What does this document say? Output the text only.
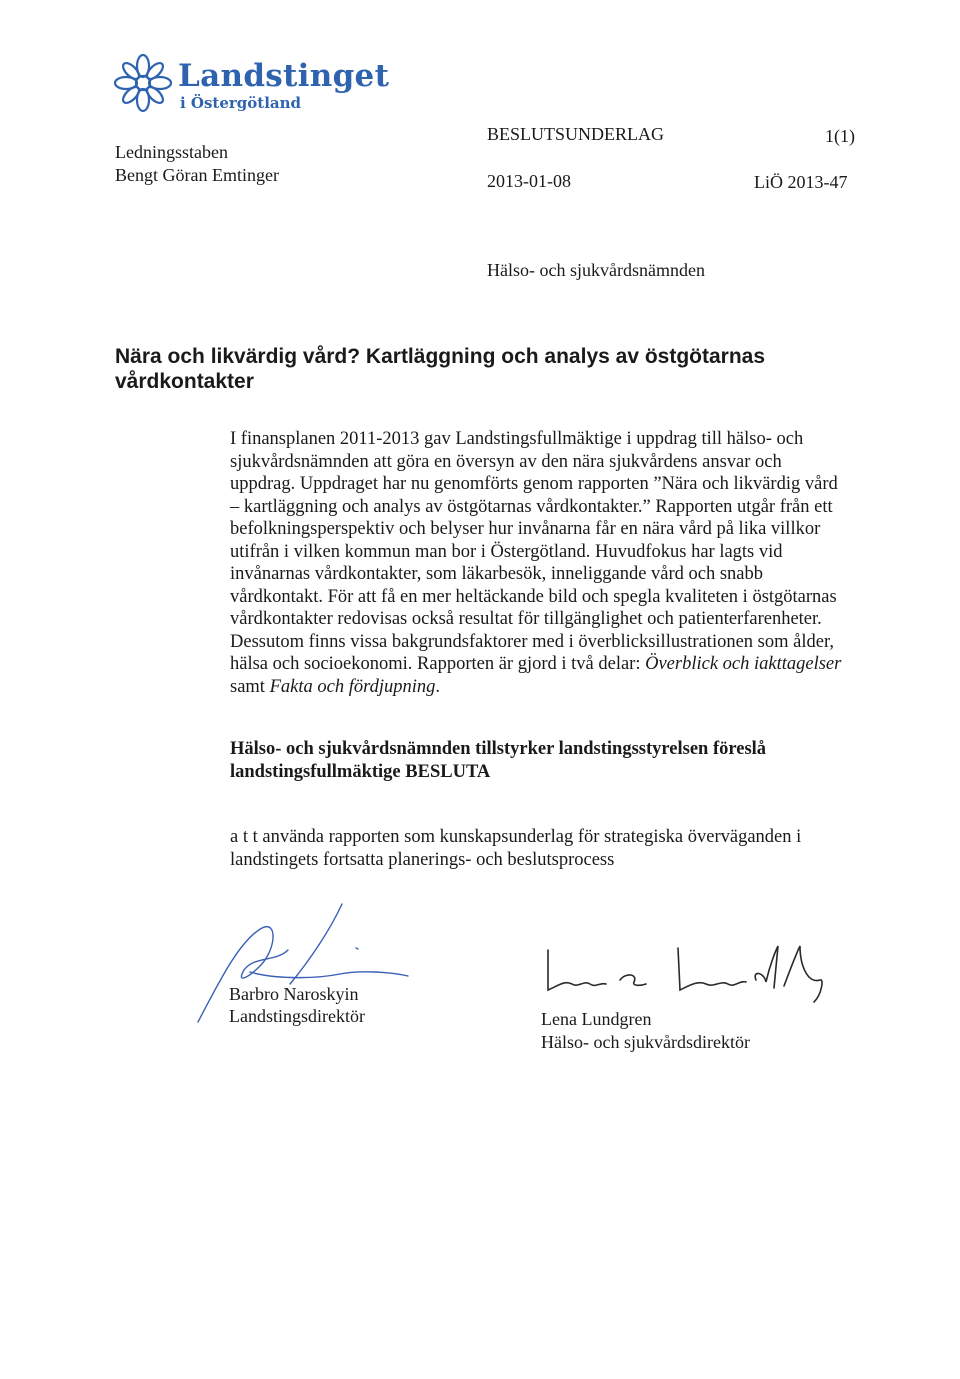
Landstinget
i Östergötland
Ledningsstaben
Bengt Göran Emtinger
BESLUTSUNDERLAG	1(1)
2013-01-08	LiÖ 2013-47
Hälso- och sjukvårdsnämnden
Nära och likvärdig vård? Kartläggning och analys av östgötarnas vårdkontakter
I finansplanen 2011-2013 gav Landstingsfullmäktige i uppdrag till hälso- och sjukvårdsnämnden att göra en översyn av den nära sjukvårdens ansvar och uppdrag. Uppdraget har nu genomförts genom rapporten ”Nära och likvärdig vård – kartläggning och analys av östgötarnas vårdkontakter.” Rapporten utgår från ett befolkningsperspektiv och belyser hur invånarna får en nära vård på lika villkor utifrån i vilken kommun man bor i Östergötland. Huvudfokus har lagts vid invånarnas vårdkontakter, som läkarbesök, inneliggande vård och snabb vårdkontakt. För att få en mer heltäckande bild och spegla kvaliteten i östgötarnas vårdkontakter redovisas också resultat för tillgänglighet och patienterfarenheter. Dessutom finns vissa bakgrundsfaktorer med i överblicksillustrationen som ålder, hälsa och socioekonomi. Rapporten är gjord i två delar: Överblick och iakttagelser samt Fakta och fördjupning.
Hälso- och sjukvårdsnämnden tillstyrker landstingsstyrelsen föreslå landstingsfullmäktige BESLUTA
a t t använda rapporten som kunskapsunderlag för strategiska överväganden i landstingets fortsatta planerings- och beslutsprocess
Barbro Naroskyin
Landstingsdirektör	Lena Lundgren
Hälso- och sjukvårdsdirektör
